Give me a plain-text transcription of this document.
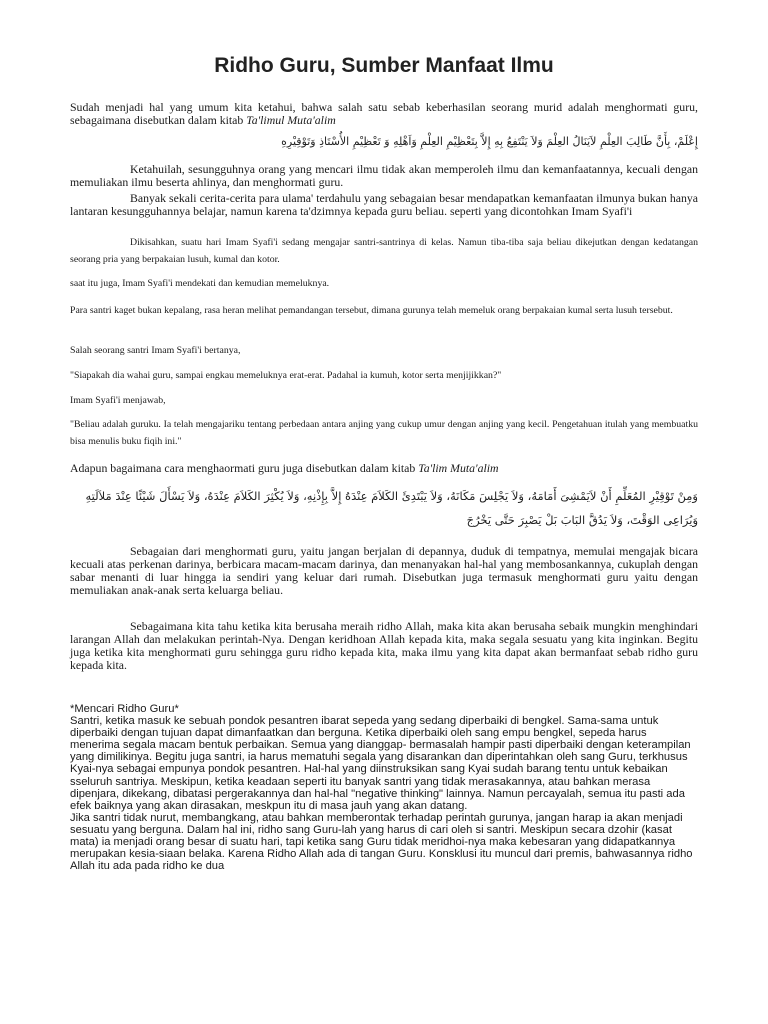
Ridho Guru, Sumber Manfaat Ilmu
Sudah menjadi hal yang umum kita ketahui, bahwa salah satu sebab keberhasilan seorang murid adalah menghormati guru, sebagaimana disebutkan dalam kitab Ta'limul Muta'alim
إِعْلَمْ، بِأَنَّ طَالِبَ العِلْمِ لاَيَنَالُ العِلْمَ وَلاَ يَنْتَفِعُ بِهِ إِلاَّ بِتَعْظِيْمِ العِلْمِ وَاَهْلِهِ وَ تَعْظِيْمِ الأُسْتَاذِ وَتَوْقِيْرِهِ
Ketahuilah, sesungguhnya orang yang mencari ilmu tidak akan memperoleh ilmu dan kemanfaatannya, kecuali dengan memuliakan ilmu beserta ahlinya, dan menghormati guru.
Banyak sekali cerita-cerita para ulama' terdahulu yang sebagaian besar mendapatkan kemanfaatan ilmunya bukan hanya lantaran kesungguhannya belajar, namun karena ta'dzimnya kepada guru beliau. seperti yang dicontohkan Imam Syafi'i
Dikisahkan, suatu hari Imam Syafi'i sedang mengajar santri-santrinya di kelas. Namun tiba-tiba saja beliau dikejutkan dengan kedatangan seorang pria yang berpakaian lusuh, kumal dan kotor.
saat itu juga, Imam Syafi'i mendekati dan kemudian memeluknya.
Para santri kaget bukan kepalang, rasa heran melihat pemandangan tersebut, dimana gurunya telah memeluk orang berpakaian kumal serta lusuh tersebut.
Salah seorang santri Imam Syafi'i bertanya,
"Siapakah dia wahai guru, sampai engkau memeluknya erat-erat. Padahal ia kumuh, kotor serta menjijikkan?"
Imam Syafi'i menjawab,
"Beliau adalah guruku. Ia telah mengajariku tentang perbedaan antara anjing yang cukup umur dengan anjing yang kecil. Pengetahuan itulah yang membuatku bisa menulis buku fiqih ini."
Adapun bagaimana cara menghaormati guru juga disebutkan dalam kitab Ta'lim Muta'alim
وَمِنْ تَوْقِيْرِ المُعَلِّمِ أَنْ لاَيَمْشِىَ أَمَامَهُ، وَلاَ يَجْلِسَ مَكَانَهُ، وَلاَ يَبْتَدِئَ الكَلاَمَ عِنْدَهُ إِلاَّ بِإِذْنِهِ، وَلاَ يُكْثِرَ الكَلاَمَ عِنْدَهُ، وَلاَ يَسْأَلَ شَيْئًا عِنْدَ مَلاَلَتِهِ وَيُرَاعِى الوَقْتَ، وَلاَ يَدُقَّ البَابَ بَلْ يَصْبِرَ حَتَّى يَخْرُجَ
Sebagaian dari menghormati guru, yaitu jangan berjalan di depannya, duduk di tempatnya, memulai mengajak bicara kecuali atas perkenan darinya, berbicara macam-macam darinya, dan menanyakan hal-hal yang membosankannya, cukuplah dengan sabar menanti di luar hingga ia sendiri yang keluar dari rumah. Disebutkan juga termasuk menghormati guru yaitu dengan memuliakan anak-anak serta keluarga beliau.
Sebagaimana kita tahu ketika kita berusaha meraih ridho Allah, maka kita akan berusaha sebaik mungkin menghindari larangan Allah dan melakukan perintah-Nya. Dengan keridhoan Allah kepada kita, maka segala sesuatu yang kita inginkan. Begitu juga ketika kita menghormati guru sehingga guru ridho kepada kita, maka ilmu yang kita dapat akan bermanfaat sebab ridho guru kepada kita.
*Mencari Ridho Guru*
Santri, ketika masuk ke sebuah pondok pesantren ibarat sepeda yang sedang diperbaiki di bengkel. Sama-sama untuk diperbaiki dengan tujuan dapat dimanfaatkan dan berguna. Ketika diperbaiki oleh sang empu bengkel, sepeda harus menerima segala macam bentuk perbaikan. Semua yang dianggap- bermasalah hampir pasti diperbaiki dengan keterampilan yang dimilikinya. Begitu juga santri, ia harus mematuhi segala yang disarankan dan diperintahkan oleh sang Guru, terkhusus Kyai-nya sebagai empunya pondok pesantren. Hal-hal yang diinstruksikan sang Kyai sudah barang tentu untuk kebaikan sseluruh santriya. Meskipun, ketika keadaan seperti itu banyak santri yang tidak merasakannya, atau bahkan merasa dipenjara, dikekang, dibatasi pergerakannya dan hal-hal "negative thinking" lainnya. Namun percayalah, semua itu pasti ada efek baiknya yang akan dirasakan, meskpun itu di masa jauh yang akan datang.
Jika santri tidak nurut, membangkang, atau bahkan memberontak terhadap perintah gurunya, jangan harap ia akan menjadi sesuatu yang berguna. Dalam hal ini, ridho sang Guru-lah yang harus di cari oleh si santri. Meskipun secara dzohir (kasat mata) ia menjadi orang besar di suatu hari, tapi ketika sang Guru tidak meridhoi-nya maka kebesaran yang didapatkannya merupakan kesia-siaan belaka. Karena Ridho Allah ada di tangan Guru. Konsklusi itu muncul dari premis, bahwasannya ridho Allah itu ada pada ridho ke dua
